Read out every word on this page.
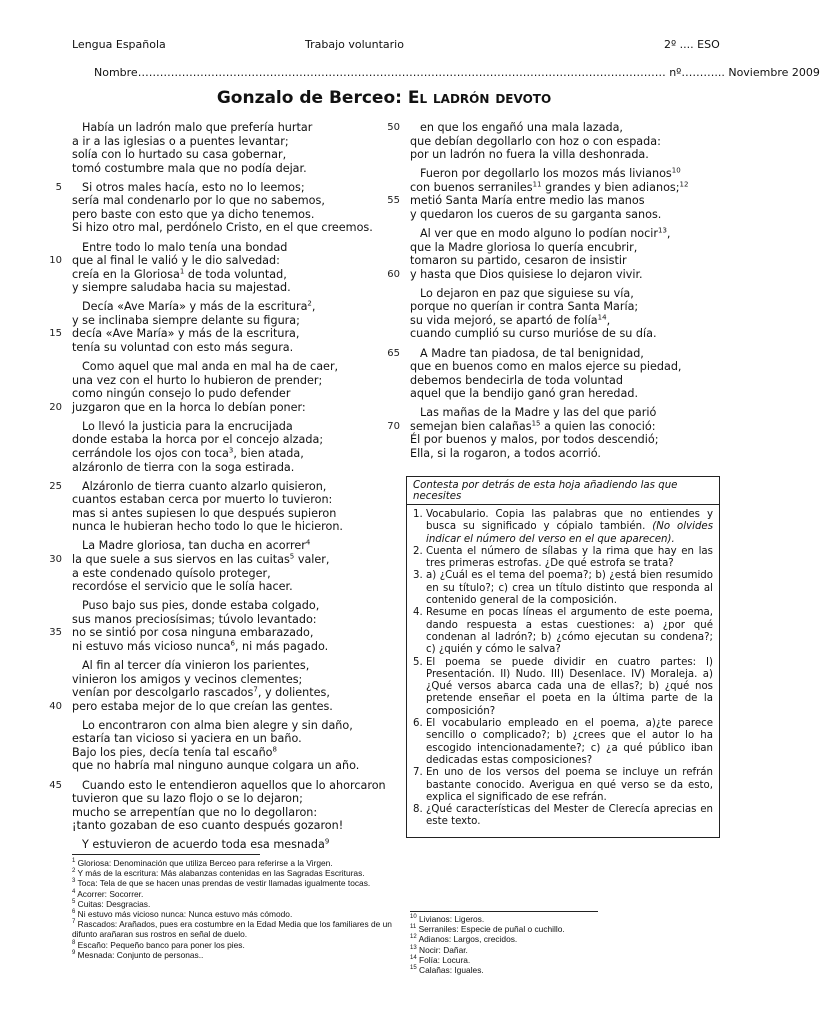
Lengua Española	Trabajo voluntario	2º .... ESO
Nombre……………………………………………………………………………………………………………………………… nº………... Noviembre 2009
Gonzalo de Berceo: El ladrón devoto
Había un ladrón malo que prefería hurtar
a ir a las iglesias o a puentes levantar;
solía con lo hurtado su casa gobernar,
tomó costumbre mala que no podía dejar.
5 Si otros males hacía, esto no lo leemos;
sería mal condenarlo por lo que no sabemos,
pero baste con esto que ya dicho tenemos.
Si hizo otro mal, perdónelo Cristo, en el que creemos.
Entre todo lo malo tenía una bondad
10 que al final le valió y le dio salvedad:
creía en la Gloriosa$^1$ de toda voluntad,
y siempre saludaba hacia su majestad.
Decía «Ave María» y más de la escritura$^2$,
y se inclinaba siempre delante su figura;
15 decía «Ave María» y más de la escritura,
tenía su voluntad con esto más segura.
Como aquel que mal anda en mal ha de caer,
una vez con el hurto lo hubieron de prender;
como ningún consejo lo pudo defender
20 juzgaron que en la horca lo debían poner:
Lo llevó la justicia para la encrucijada
donde estaba la horca por el concejo alzada;
cerrándole los ojos con toca$^3$, bien atada,
alzáronlo de tierra con la soga estirada.
25 Alzáronlo de tierra cuanto alzarlo quisieron,
cuantos estaban cerca por muerto lo tuvieron:
mas si antes supiesen lo que después supieron
nunca le hubieran hecho todo lo que le hicieron.
La Madre gloriosa, tan ducha en acorrer$^4$
30 la que suele a sus siervos en las cuitas$^5$ valer,
a este condenado quísolo proteger,
recordóse el servicio que le solía hacer.
Puso bajo sus pies, donde estaba colgado,
sus manos preciosísimas; túvolo levantado:
35 no se sintió por cosa ninguna embarazado,
ni estuvo más vicioso nunca$^6$, ni más pagado.
Al fin al tercer día vinieron los parientes,
vinieron los amigos y vecinos clementes;
venían por descolgarlo rascados$^7$, y dolientes,
40 pero estaba mejor de lo que creían las gentes.
Lo encontraron con alma bien alegre y sin daño,
estaría tan vicioso si yaciera en un baño.
Bajo los pies, decía tenía tal escaño$^8$
que no habría mal ninguno aunque colgara un año.
45 Cuando esto le entendieron aquellos que lo ahorcaron
tuvieron que su lazo flojo o se lo dejaron;
mucho se arrepentían que no lo degollaron:
¡tanto gozaban de eso cuanto después gozaron!
Y estuvieron de acuerdo toda esa mesnada$^9$
50 en que los engañó una mala lazada,
que debían degollarlo con hoz o con espada:
por un ladrón no fuera la villa deshonrada.
Fueron por degollarlo los mozos más livianos$^{10}$
con buenos serraniles$^{11}$ grandes y bien adianos;$^{12}$
55 metió Santa María entre medio las manos
y quedaron los cueros de su garganta sanos.
Al ver que en modo alguno lo podían nocir$^{13}$,
que la Madre gloriosa lo quería encubrir,
tomaron su partido, cesaron de insistir
60 y hasta que Dios quisiese lo dejaron vivir.
Lo dejaron en paz que siguiese su vía,
porque no querían ir contra Santa María;
su vida mejoró, se apartó de folía$^{14}$,
cuando cumplió su curso murióse de su día.
65 A Madre tan piadosa, de tal benignidad,
que en buenos como en malos ejerce su piedad,
debemos bendecirla de toda voluntad
aquel que la bendijo ganó gran heredad.
Las mañas de la Madre y las del que parió
70 semejan bien calañas$^{15}$ a quien las conoció:
Él por buenos y malos, por todos descendió;
Ella, si la rogaron, a todos acorrió.
Contesta por detrás de esta hoja añadiendo las que necesites
1. Vocabulario. Copia las palabras que no entiendes y busca su significado y cópialo también. (No olvides indicar el número del verso en el que aparecen).
2. Cuenta el número de sílabas y la rima que hay en las tres primeras estrofas. ¿De qué estrofa se trata?
3. a) ¿Cuál es el tema del poema?; b) ¿está bien resumido en su título?; c) crea un título distinto que responda al contenido general de la composición.
4. Resume en pocas líneas el argumento de este poema, dando respuesta a estas cuestiones: a) ¿por qué condenan al ladrón?; b) ¿cómo ejecutan su condena?; c) ¿quién y cómo le salva?
5. El poema se puede dividir en cuatro partes: I) Presentación. II) Nudo. III) Desenlace. IV) Moraleja. a) ¿Qué versos abarca cada una de ellas?; b) ¿qué nos pretende enseñar el poeta en la última parte de la composición?
6. El vocabulario empleado en el poema, a)¿te parece sencillo o complicado?; b) ¿crees que el autor lo ha escogido intencionadamente?; c) ¿a qué público iban dedicadas estas composiciones?
7. En uno de los versos del poema se incluye un refrán bastante conocido. Averigua en qué verso se da esto, explica el significado de ese refrán.
8. ¿Qué características del Mester de Clerecía aprecias en este texto.
$^1$ Gloriosa: Denominación que utiliza Berceo para referirse a la Virgen.
$^2$ Y más de la escritura: Más alabanzas contenidas en las Sagradas Escrituras.
$^3$ Toca: Tela de que se hacen unas prendas de vestir llamadas igualmente tocas.
$^4$ Acorrer: Socorrer.
$^5$ Cuitas: Desgracias.
$^6$ Ni estuvo más vicioso nunca: Nunca estuvo más cómodo.
$^7$ Rascados: Arañados, pues era costumbre en la Edad Media que los familiares de un difunto arañaran sus rostros en señal de duelo.
$^8$ Escaño: Pequeño banco para poner los pies.
$^9$ Mesnada: Conjunto de personas..
$^{10}$ Livianos: Ligeros.
$^{11}$ Serraniles: Especie de puñal o cuchillo.
$^{12}$ Adianos: Largos, crecidos.
$^{13}$ Nocir: Dañar.
$^{14}$ Folía: Locura.
$^{15}$ Calañas: Iguales.
